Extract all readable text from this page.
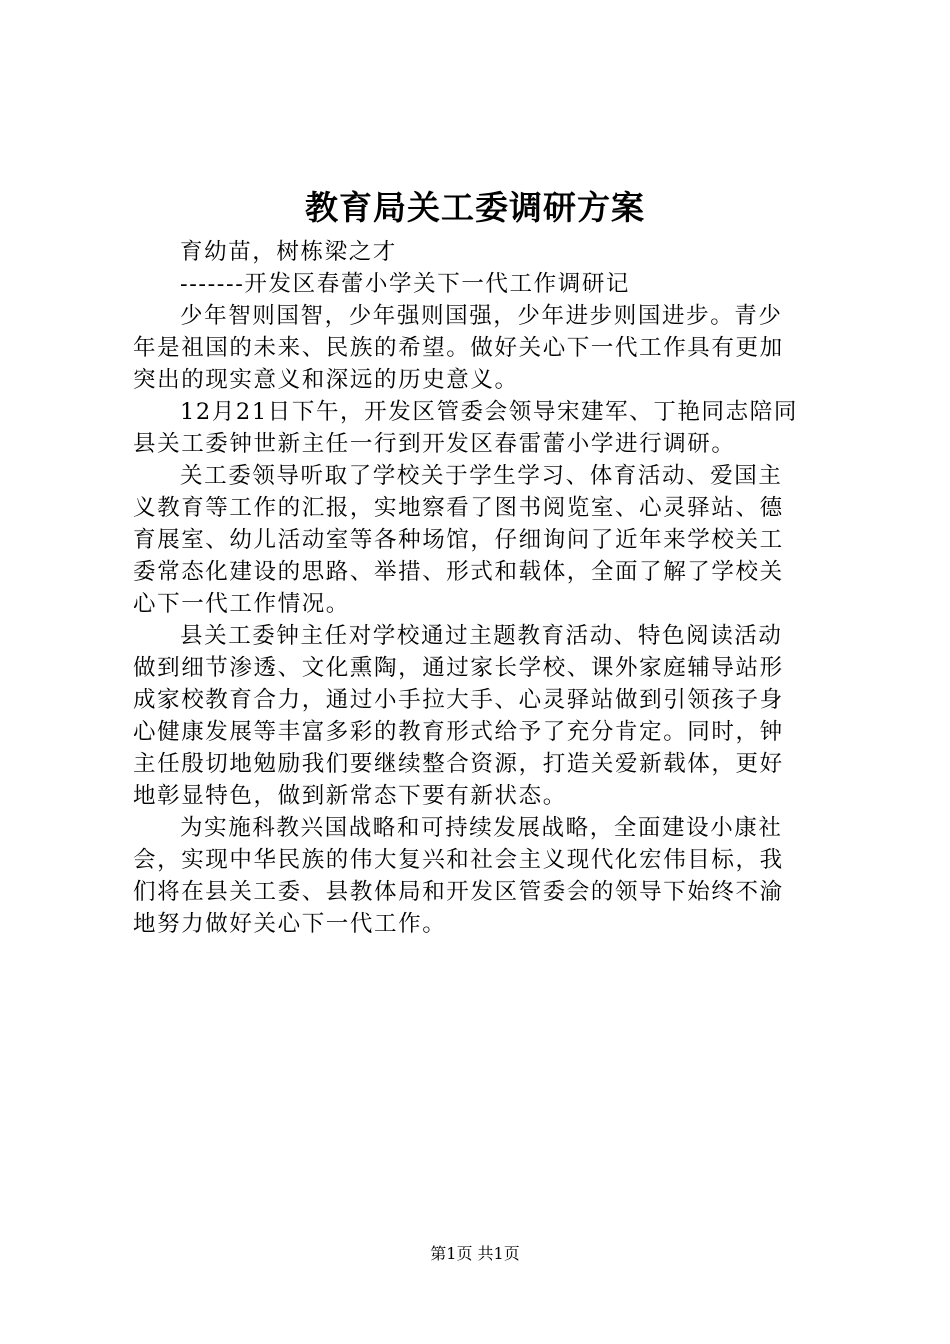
教育局关工委调研方案
育幼苗，树栋梁之才
-------开发区春蕾小学关下一代工作调研记
少年智则国智，少年强则国强，少年进步则国进步。青少
年是祖国的未来、民族的希望。做好关心下一代工作具有更加
突出的现实意义和深远的历史意义。
12月21日下午，开发区管委会领导宋建军、丁艳同志陪同
县关工委钟世新主任一行到开发区春雷蕾小学进行调研。
关工委领导听取了学校关于学生学习、体育活动、爱国主
义教育等工作的汇报，实地察看了图书阅览室、心灵驿站、德
育展室、幼儿活动室等各种场馆，仔细询问了近年来学校关工
委常态化建设的思路、举措、形式和载体，全面了解了学校关
心下一代工作情况。
县关工委钟主任对学校通过主题教育活动、特色阅读活动
做到细节渗透、文化熏陶，通过家长学校、课外家庭辅导站形
成家校教育合力，通过小手拉大手、心灵驿站做到引领孩子身
心健康发展等丰富多彩的教育形式给予了充分肯定。同时，钟
主任殷切地勉励我们要继续整合资源，打造关爱新载体，更好
地彰显特色，做到新常态下要有新状态。
为实施科教兴国战略和可持续发展战略，全面建设小康社
会，实现中华民族的伟大复兴和社会主义现代化宏伟目标，我
们将在县关工委、县教体局和开发区管委会的领导下始终不渝
地努力做好关心下一代工作。
第1页 共1页
